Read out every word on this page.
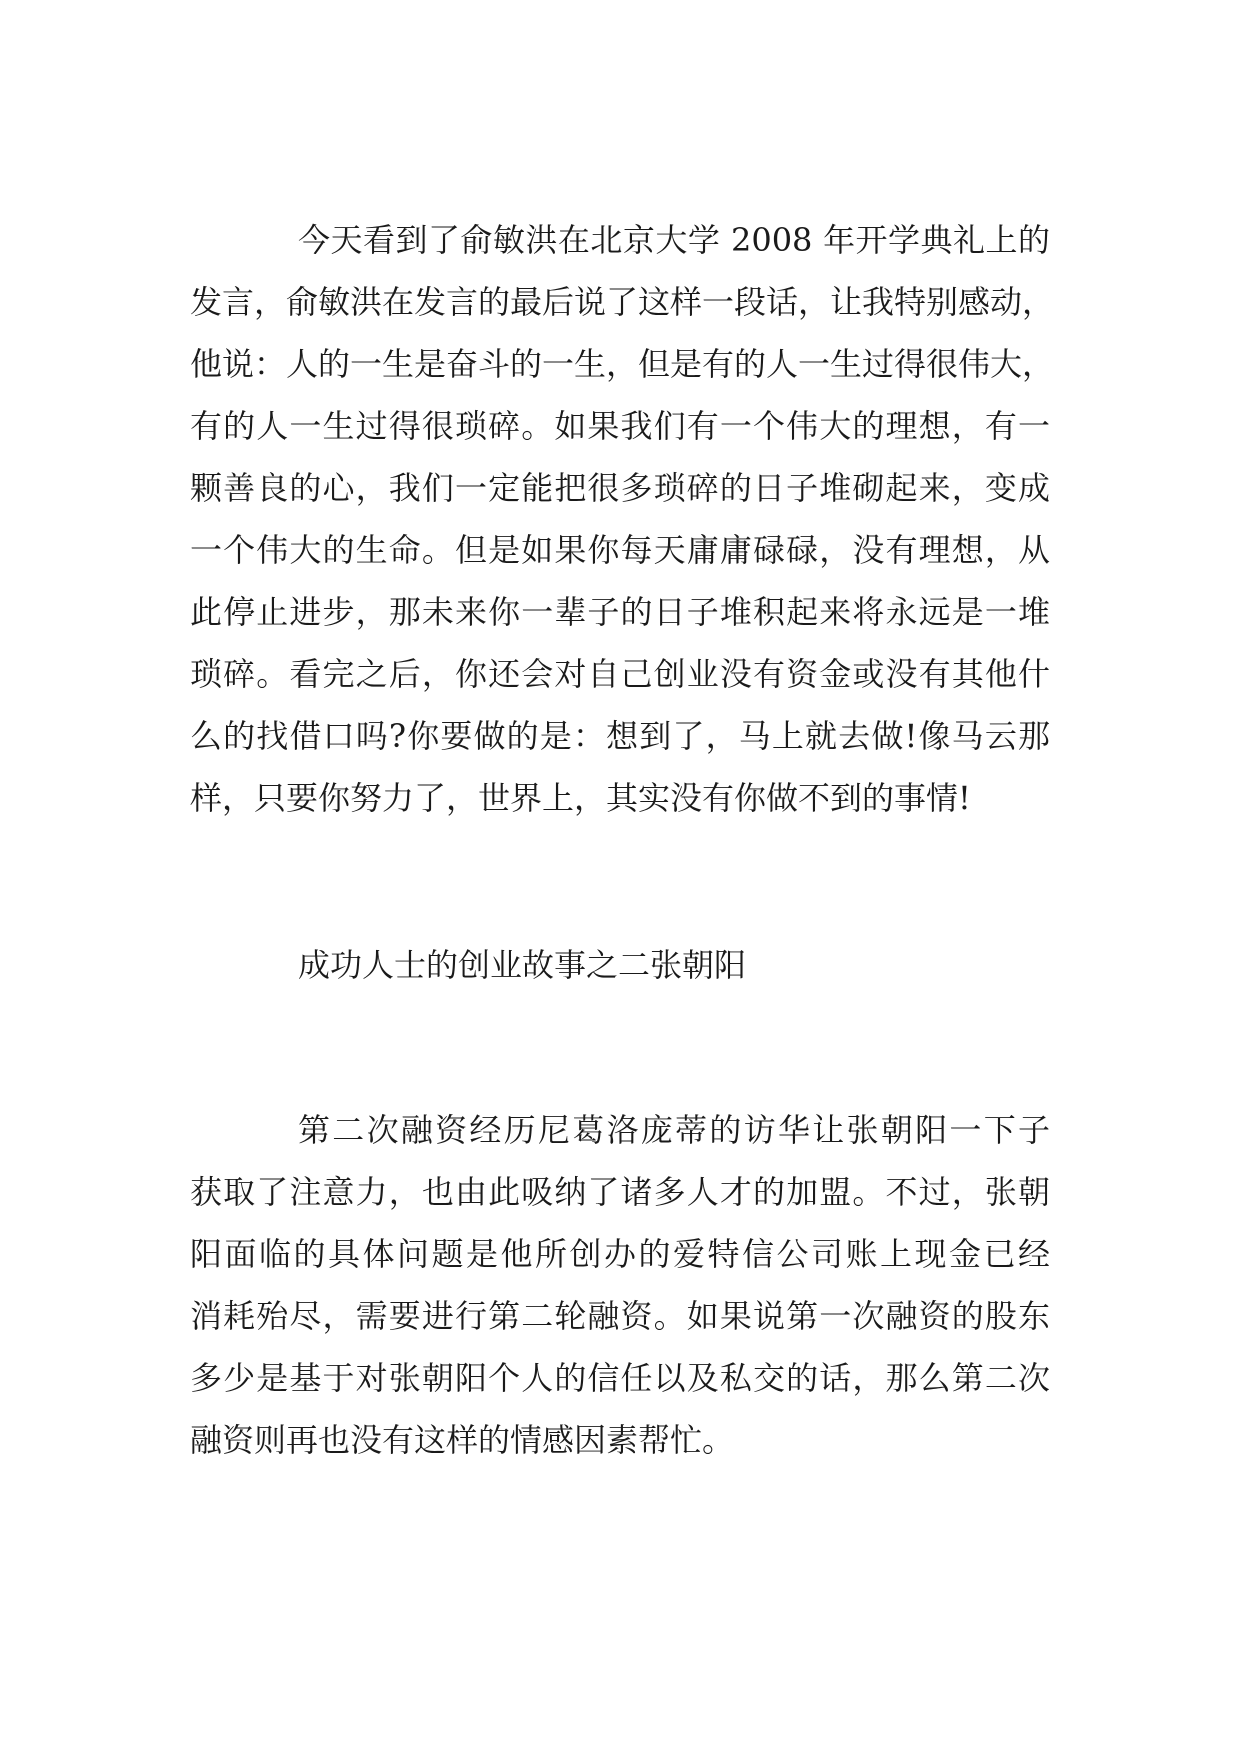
今天看到了俞敏洪在北京大学 2008 年开学典礼上的
发言，俞敏洪在发言的最后说了这样一段话，让我特别感动，
他说：人的一生是奋斗的一生，但是有的人一生过得很伟大，
有的人一生过得很琐碎。如果我们有一个伟大的理想，有一
颗善良的心，我们一定能把很多琐碎的日子堆砌起来，变成
一个伟大的生命。但是如果你每天庸庸碌碌，没有理想，从
此停止进步，那未来你一辈子的日子堆积起来将永远是一堆
琐碎。看完之后，你还会对自己创业没有资金或没有其他什
么的找借口吗?你要做的是：想到了，马上就去做!像马云那
样，只要你努力了，世界上，其实没有你做不到的事情!
成功人士的创业故事之二张朝阳
第二次融资经历尼葛洛庞蒂的访华让张朝阳一下子
获取了注意力，也由此吸纳了诸多人才的加盟。不过，张朝
阳面临的具体问题是他所创办的爱特信公司账上现金已经
消耗殆尽，需要进行第二轮融资。如果说第一次融资的股东
多少是基于对张朝阳个人的信任以及私交的话，那么第二次
融资则再也没有这样的情感因素帮忙。
